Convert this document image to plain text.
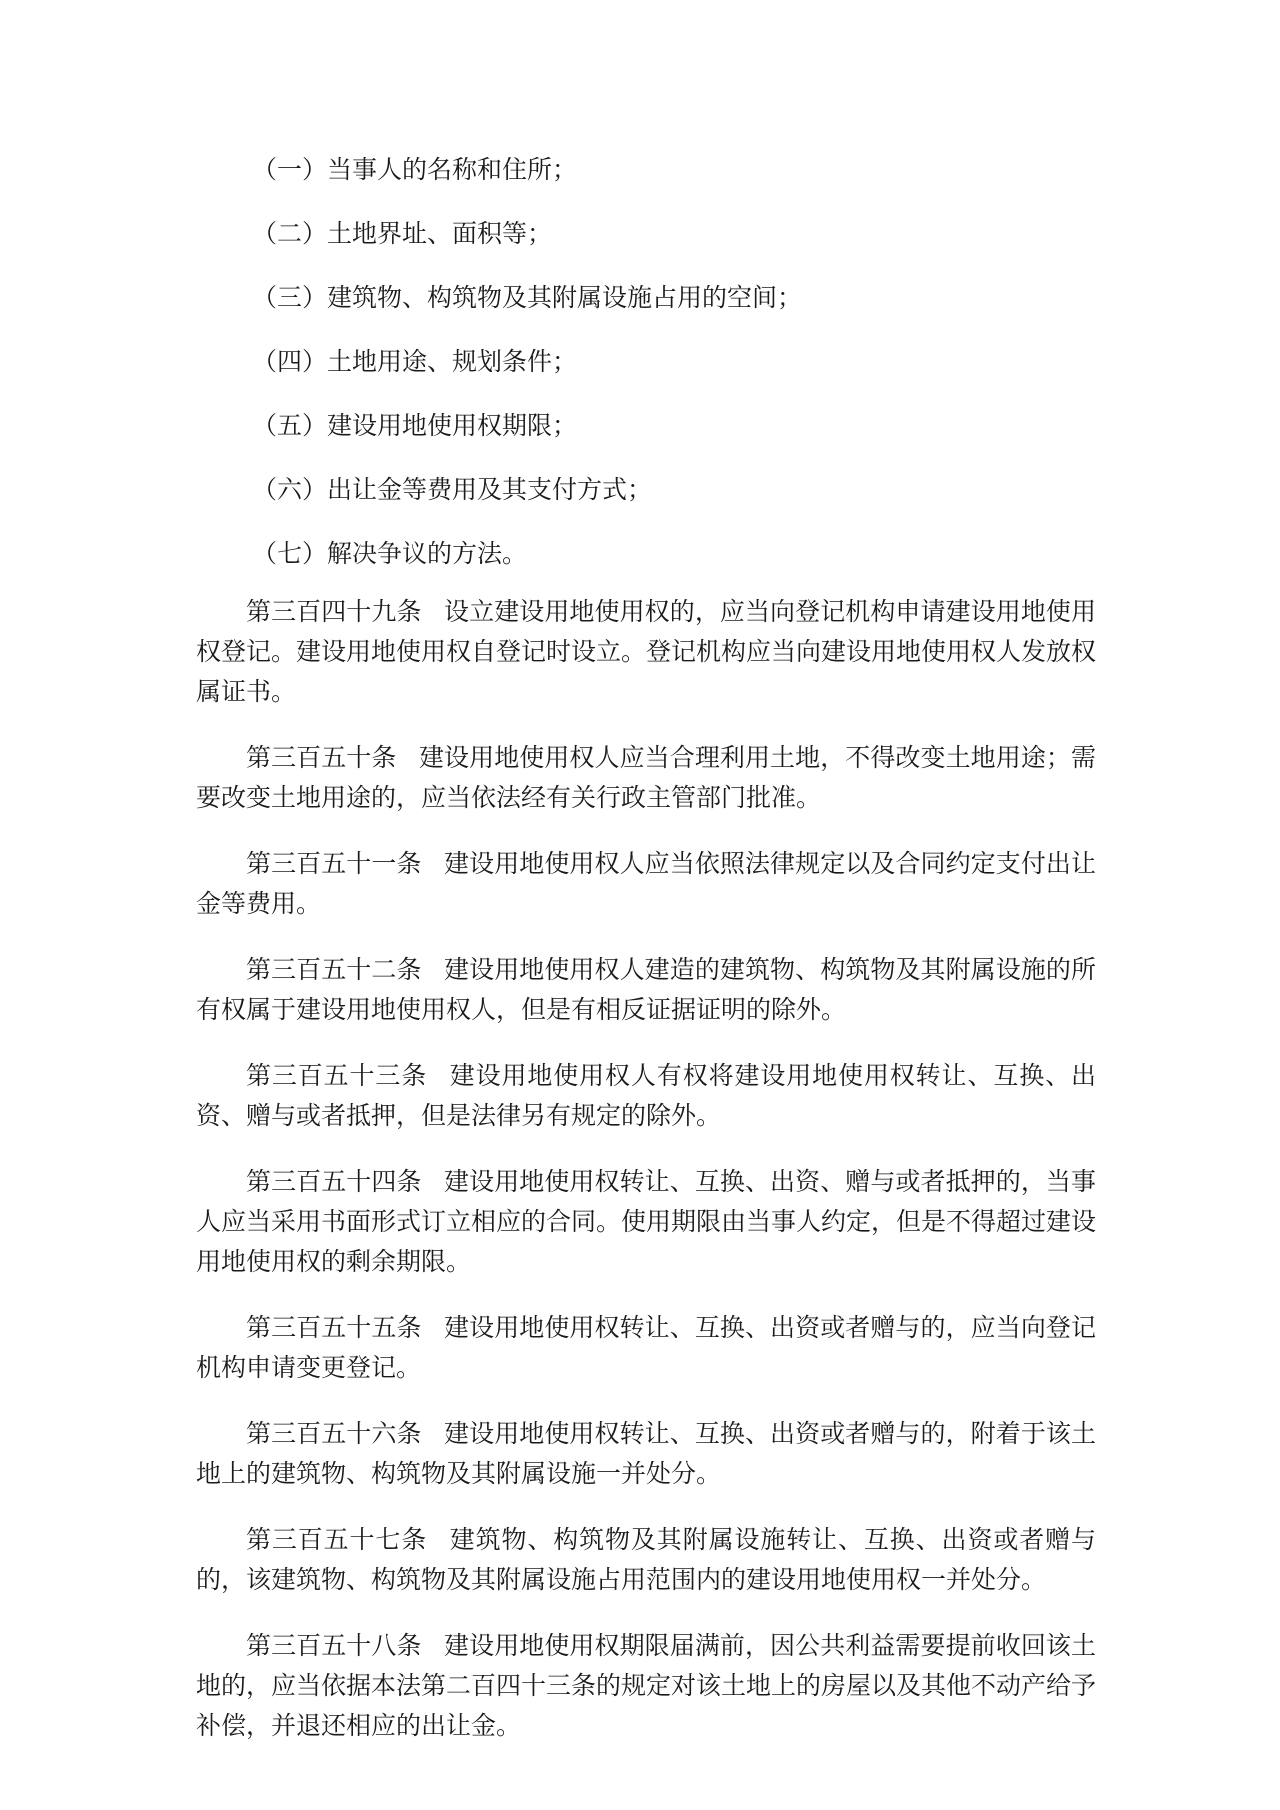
（一）当事人的名称和住所；
（二）土地界址、面积等；
（三）建筑物、构筑物及其附属设施占用的空间；
（四）土地用途、规划条件；
（五）建设用地使用权期限；
（六）出让金等费用及其支付方式；
（七）解决争议的方法。

第三百四十九条 设立建设用地使用权的，应当向登记机构申请建设用地使用权登记。建设用地使用权自登记时设立。登记机构应当向建设用地使用权人发放权属证书。

第三百五十条 建设用地使用权人应当合理利用土地，不得改变土地用途；需要改变土地用途的，应当依法经有关行政主管部门批准。

第三百五十一条 建设用地使用权人应当依照法律规定以及合同约定支付出让金等费用。

第三百五十二条 建设用地使用权人建造的建筑物、构筑物及其附属设施的所有权属于建设用地使用权人，但是有相反证据证明的除外。

第三百五十三条 建设用地使用权人有权将建设用地使用权转让、互换、出资、赠与或者抵押，但是法律另有规定的除外。

第三百五十四条 建设用地使用权转让、互换、出资、赠与或者抵押的，当事人应当采用书面形式订立相应的合同。使用期限由当事人约定，但是不得超过建设用地使用权的剩余期限。

第三百五十五条 建设用地使用权转让、互换、出资或者赠与的，应当向登记机构申请变更登记。

第三百五十六条 建设用地使用权转让、互换、出资或者赠与的，附着于该土地上的建筑物、构筑物及其附属设施一并处分。

第三百五十七条 建筑物、构筑物及其附属设施转让、互换、出资或者赠与的，该建筑物、构筑物及其附属设施占用范围内的建设用地使用权一并处分。

第三百五十八条 建设用地使用权期限届满前，因公共利益需要提前收回该土地的，应当依据本法第二百四十三条的规定对该土地上的房屋以及其他不动产给予补偿，并退还相应的出让金。
